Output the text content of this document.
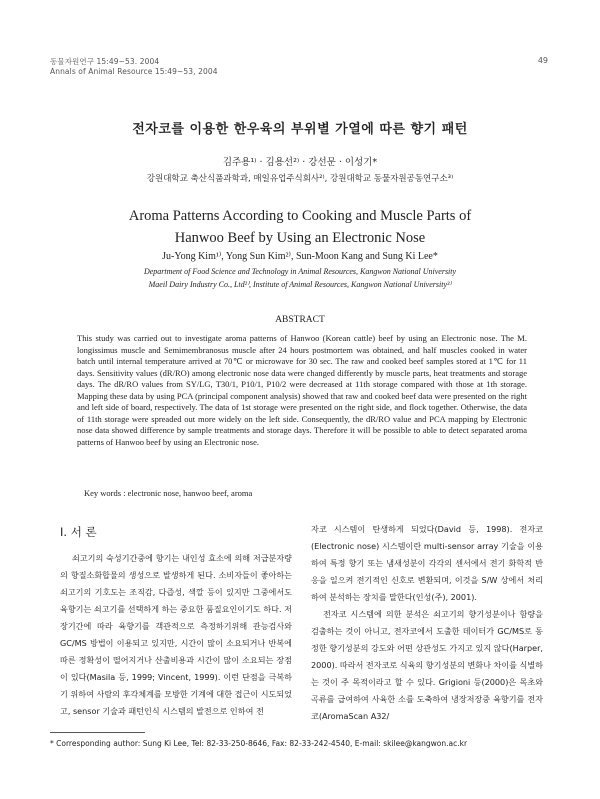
동물자원연구 15:49~53. 2004
Annals of Animal Resource 15:49~53, 2004
49
전자코를 이용한 한우육의 부위별 가열에 따른 향기 패턴
김주용¹⁾ · 김용선²⁾ · 강선문 · 이성기*
강원대학교 축산식품과학과, 매일유업주식회사²⁾, 강원대학교 동물자원공동연구소³⁾
Aroma Patterns According to Cooking and Muscle Parts of
Hanwoo Beef by Using an Electronic Nose
Ju-Yong Kim¹⁾, Yong Sun Kim²⁾, Sun-Moon Kang and Sung Ki Lee*
Department of Food Science and Technology in Animal Resources, Kangwon National University
Maeil Dairy Industry Co., Ltd²⁾, Institute of Animal Resources, Kangwon National University³⁾
ABSTRACT

This study was carried out to investigate aroma patterns of Hanwoo (Korean cattle) beef by using an Electronic nose. The M. longissimus muscle and Semimembranosus muscle after 24 hours postmortem was obtained, and half muscles cooked in water batch until internal temperature arrived at 70℃ or microwave for 30 sec. The raw and cooked beef samples stored at 1℃ for 11 days. Sensitivity values (dR/RO) among electronic nose data were changed differently by muscle parts, heat treatments and storage days. The dR/RO values from SY/LG, T30/1, P10/1, P10/2 were decreased at 11th storage compared with those at 1th storage. Mapping these data by using PCA (principal component analysis) showed that raw and cooked beef data were presented on the right and left side of board, respectively. The data of 1st storage were presented on the right side, and flock together. Otherwise, the data of 11th storage were spreaded out more widely on the left side. Consequently, the dR/RO value and PCA mapping by Electronic nose data showed difference by sample treatments and storage days. Therefore it will be possible to able to detect separated aroma patterns of Hanwoo beef by using an Electronic nose.

Key words : electronic nose, hanwoo beef, aroma
Ⅰ. 서 론

쇠고기의 숙성기간중에 향기는 내인성 효소에 의해 저급분자량의 향질소화합물의 생성으로 발생하게 된다. 소비자들이 좋아하는 쇠고기의 기호도는 조직감, 다즙성, 색깔 등이 있지만 그중에서도 육향기는 쇠고기를 선택하게 하는 중요한 품질요인이기도 하다. 저장기간에 따라 육향기를 객관적으로 측정하기위해 관능검사와 GC/MS 방법이 이용되고 있지만, 시간이 많이 소요되거나 반복에 따른 정확성이 떨어지거나 산출비용과 시간이 많이 소요되는 장점이 있다(Masila 등, 1999; Vincent, 1999). 이런 단점을 극복하기 위하여 사람의 후각체계를 모방한 기계에 대한 접근이 시도되었고, sensor 기술과 패턴인식 시스템의 발전으로 인하여 전

자코 시스템이 탄생하게 되었다(David 등, 1998). 전자코(Electronic nose) 시스템이란 multi-sensor array 기술을 이용하여 특정 향기 또는 냄새성분이 각각의 센서에서 전기 화학적 반응을 일으켜 전기적인 신호로 변환되며, 이것을 S/W 상에서 처리하여 분석하는 장치를 말한다(인성(주), 2001).

전자코 시스템에 의한 분석은 쇠고기의 향기성분이나 함량을 검출하는 것이 아니고, 전자코에서 도출한 데이터가 GC/MS로 동정한 향기성분의 강도와 어떤 상관성도 가지고 있지 않다(Harper, 2000). 따라서 전자코로 식육의 향기성분의 변화나 차이를 식별하는 것이 주 목적이라고 할 수 있다. Grigioni 등(2000)은 목초와 곡류를 급여하여 사육한 소를 도축하여 냉장저장중 육향기를 전자코(AromaScan A32/

* Corresponding author: Sung Ki Lee, Tel: 82-33-250-8646, Fax: 82-33-242-4540, E-mail: skilee@kangwon.ac.kr
